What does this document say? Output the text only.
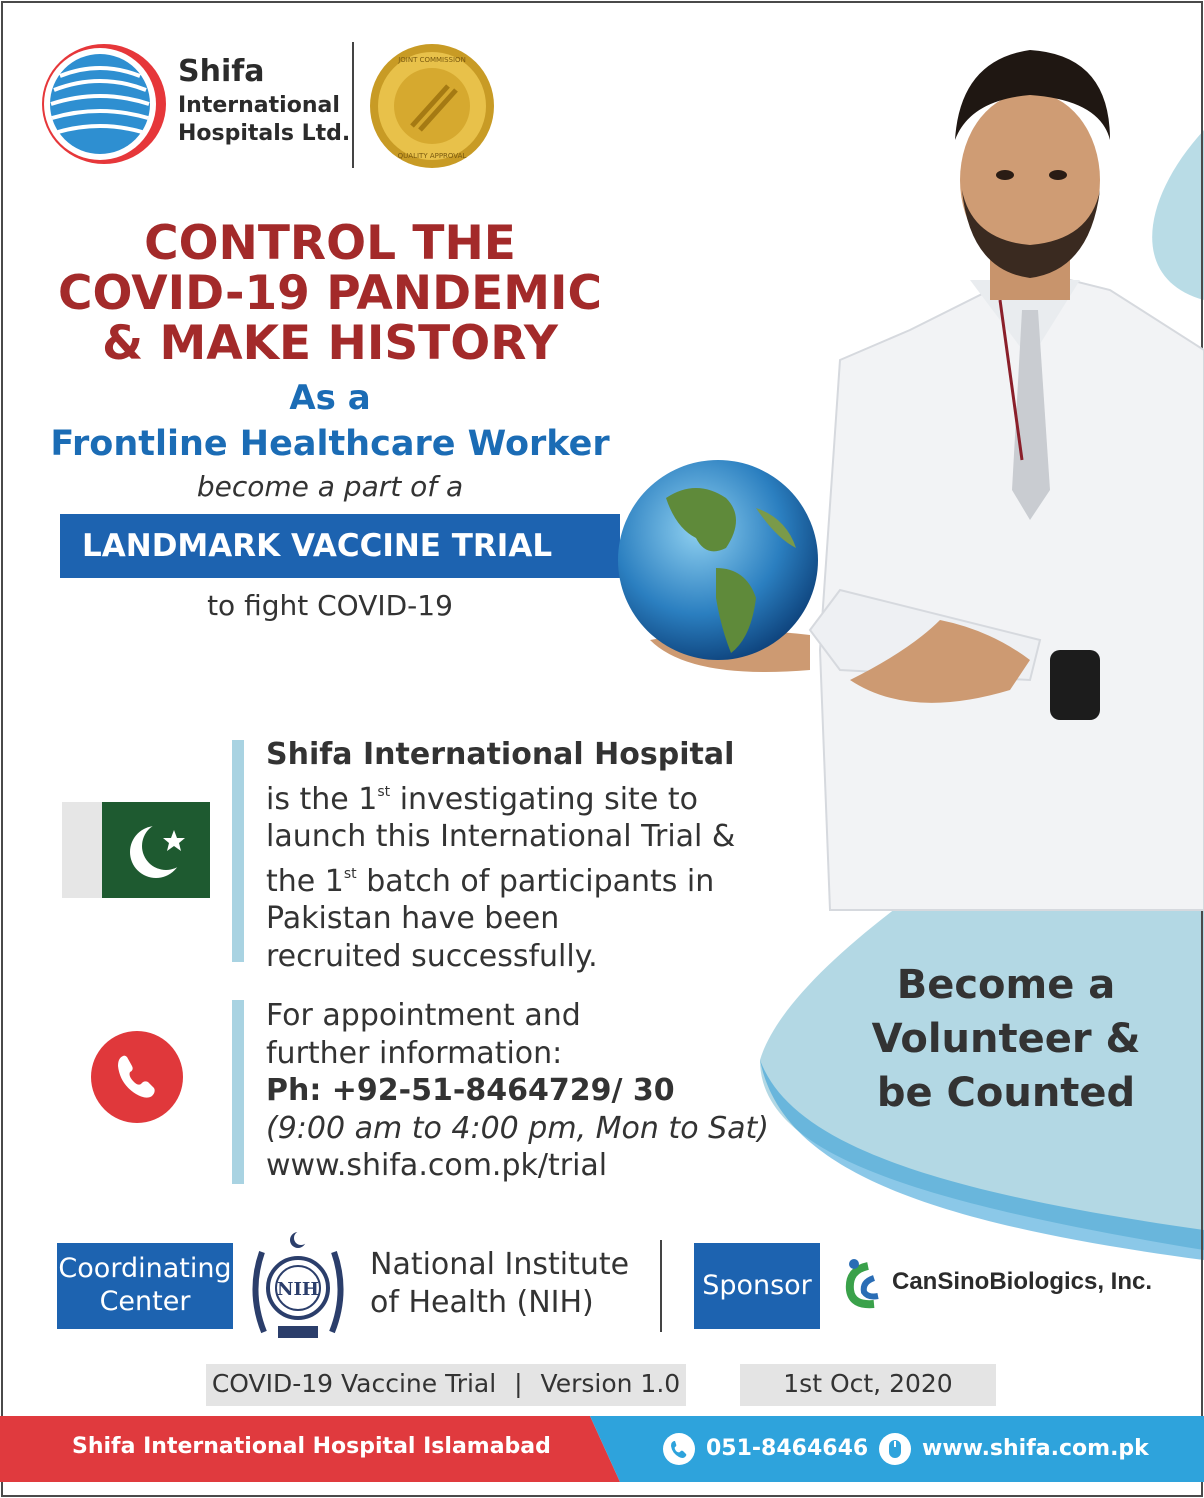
Shifa
International
Hospitals Ltd.
JOINT COMMISSION
QUALITY APPROVAL
CONTROL THE
COVID-19 PANDEMIC
& MAKE HISTORY
As a
Frontline Healthcare Worker
become a part of a
LANDMARK VACCINE TRIAL
to fight COVID-19
Shifa International Hospital
is the 1st investigating site to
launch this International Trial &
the 1st batch of participants in
Pakistan have been
recruited successfully.
For appointment and
further information:
Ph: +92-51-8464729/ 30
(9:00 am to 4:00 pm, Mon to Sat)
www.shifa.com.pk/trial
Become a
Volunteer &
be Counted
Coordinating
Center	NIH
National Institute
of Health (NIH)	Sponsor	CanSinoBiologics, Inc.
COVID-19 Vaccine Trial | Version 1.0	1st Oct, 2020
Shifa International Hospital Islamabad	051-8464646 www.shifa.com.pk
